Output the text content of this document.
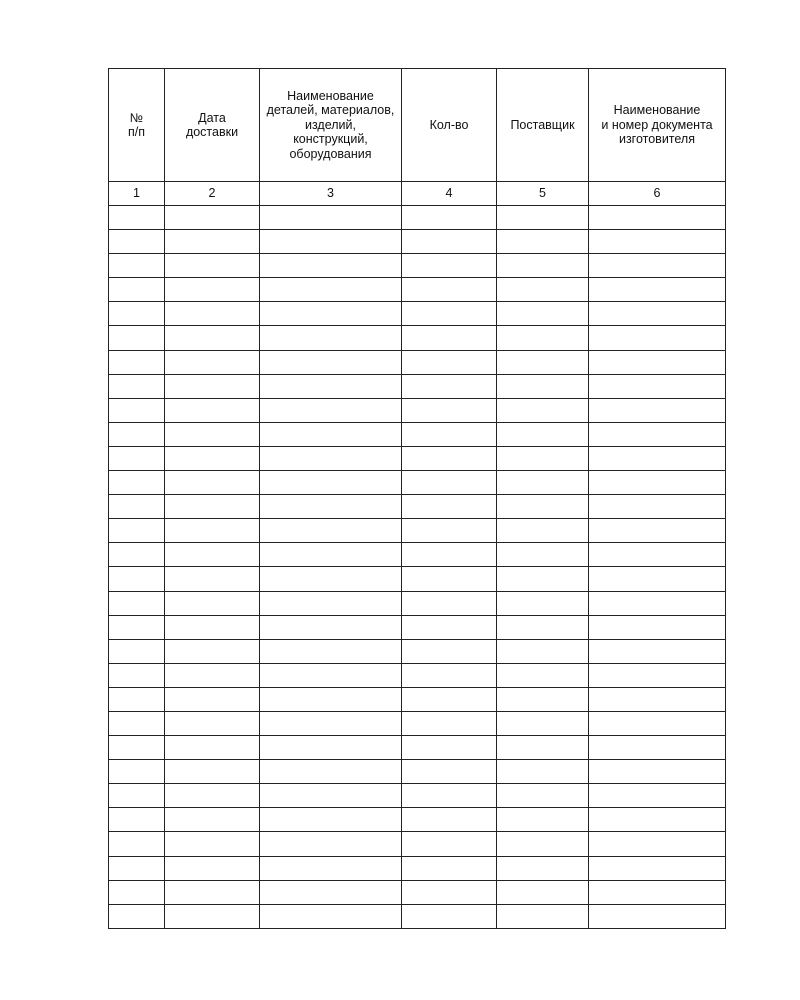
№
п/п	Дата
доставки	Наименование
деталей, материалов,
изделий,
конструкций,
оборудования	Кол-во	Поставщик	Наименование
и номер документа
изготовителя
1	2	3	4	5	6
